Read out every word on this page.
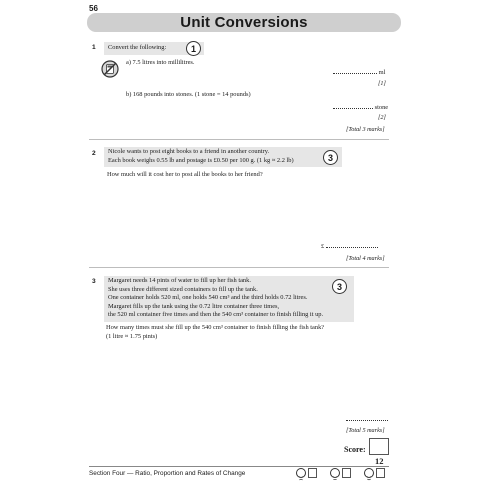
56
Unit Conversions
1	Convert the following:	1
a) 7.5 litres into millilitres.
ml
[1]
b) 168 pounds into stones. (1 stone = 14 pounds)
stone
[2]
[Total 3 marks]
2 Nicole wants to post eight books to a friend in another country.
Each book weighs 0.55 lb and postage is £0.50 per 100 g. (1 kg ≈ 2.2 lb)	3
How much will it cost her to post all the books to her friend?
£
[Total 4 marks]
3 Margaret needs 14 pints of water to fill up her fish tank.
She uses three different sized containers to fill up the tank.
One container holds 520 ml, one holds 540 cm³ and the third holds 0.72 litres.
Margaret fills up the tank using the 0.72 litre container three times,
the 520 ml container five times and then the 540 cm³ container to finish filling it up.
3
How many times must she fill up the 540 cm³ container to finish filling the fish tank?
(1 litre ≈ 1.75 pints)
[Total 5 marks]
Score:
12
Section Four — Ratio, Proportion and Rates of Change
